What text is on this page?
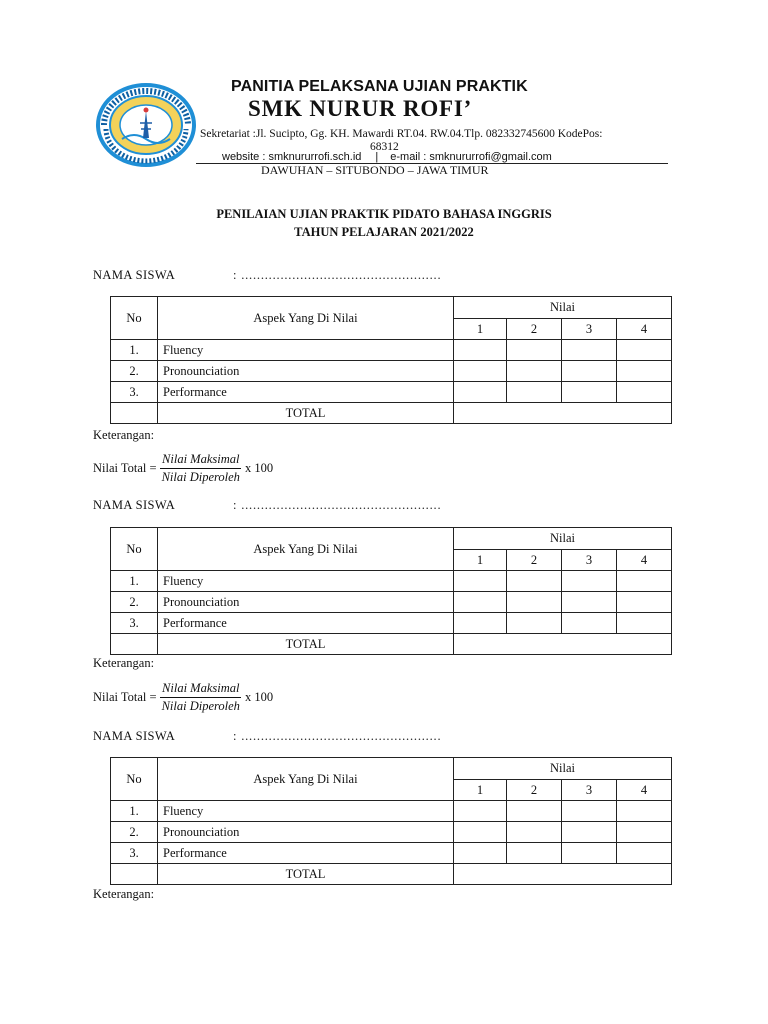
PANITIA PELAKSANA UJIAN PRAKTIK
SMK NURUR ROFI’
Sekretariat :Jl. Sucipto, Gg. KH. Mawardi RT.04. RW.04.Tlp. 082332745600 KodePos:
68312
website : smknururrofi.sch.id | e-mail : smknururrofi@gmail.com
DAWUHAN – SITUBONDO – JAWA TIMUR
PENILAIAN UJIAN PRAKTIK PIDATO BAHASA INGGRIS
TAHUN PELAJARAN 2021/2022
NAMA SISWA	: ...................................................
No	Aspek Yang Di Nilai	Nilai			
		1	2	3	4
1.	Fluency				
2.	Pronounciation				
3.	Performance				
	TOTAL				
Keterangan:
Nilai Total = $\frac{\text{Nilai Maksimal}}{\text{Nilai Diperoleh}}$ x 100
NAMA SISWA	: ...................................................
No	Aspek Yang Di Nilai	Nilai			
		1	2	3	4
1.	Fluency				
2.	Pronounciation				
3.	Performance				
	TOTAL				
Keterangan:
Nilai Total = $\frac{\text{Nilai Maksimal}}{\text{Nilai Diperoleh}}$ x 100
NAMA SISWA	: ...................................................
No	Aspek Yang Di Nilai	Nilai			
		1	2	3	4
1.	Fluency				
2.	Pronounciation				
3.	Performance				
	TOTAL				
Keterangan:
